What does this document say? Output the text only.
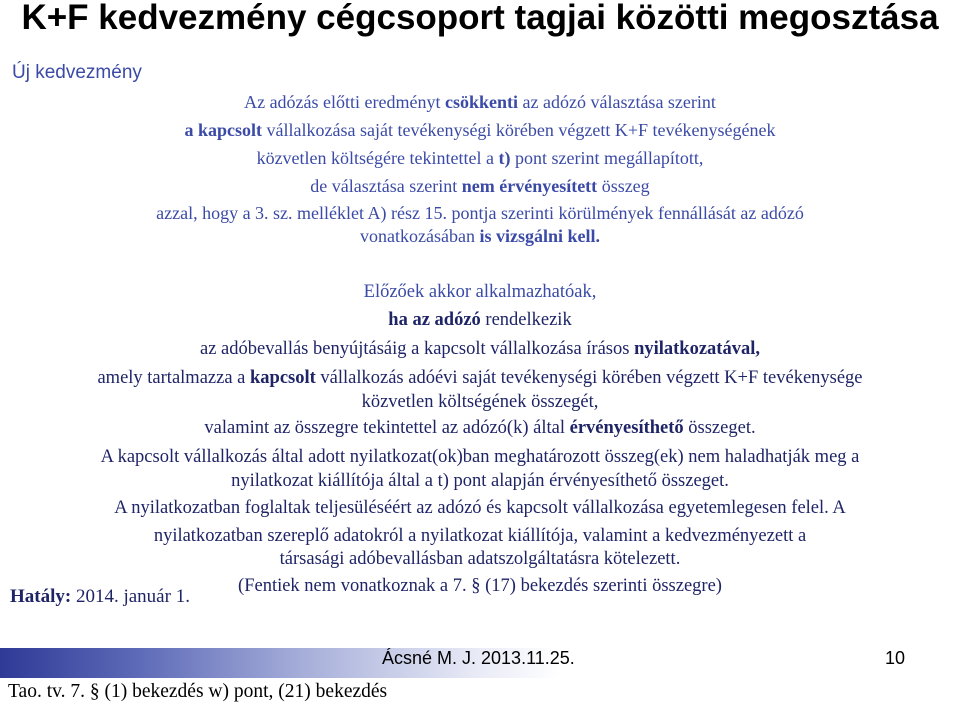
K+F kedvezmény cégcsoport tagjai közötti megosztása
Új kedvezmény

Az adózás előtti eredményt csökkenti az adózó választása szerint

a kapcsolt vállalkozása saját tevékenységi körében végzett K+F tevékenységének

közvetlen költségére tekintettel a t) pont szerint megállapított,

de választása szerint nem érvényesített összeg

azzal, hogy a 3. sz. melléklet A) rész 15. pontja szerinti körülmények fennállását az adózó

vonatkozásában is vizsgálni kell.

Előzőek akkor alkalmazhatóak,

ha az adózó rendelkezik

az adóbevallás benyújtásáig a kapcsolt vállalkozása írásos nyilatkozatával,

amely tartalmazza a kapcsolt vállalkozás adóévi saját tevékenységi körében végzett K+F tevékenysége

közvetlen költségének összegét,

valamint az összegre tekintettel az adózó(k) által érvényesíthető összeget.

A kapcsolt vállalkozás által adott nyilatkozat(ok)ban meghatározott összeg(ek) nem haladhatják meg a

nyilatkozat kiállítója által a t) pont alapján érvényesíthető összeget.

A nyilatkozatban foglaltak teljesüléséért az adózó és kapcsolt vállalkozása egyetemlegesen felel. A

nyilatkozatban szereplő adatokról a nyilatkozat kiállítója, valamint a kedvezményezett a

társasági adóbevallásban adatszolgáltatásra kötelezett.

(Fentiek nem vonatkoznak a 7. § (17) bekezdés szerinti összegre)

Hatály: 2014. január 1.
Ácsné M. J. 2013.11.25.	10
Tao. tv. 7. § (1) bekezdés w) pont, (21) bekezdés
